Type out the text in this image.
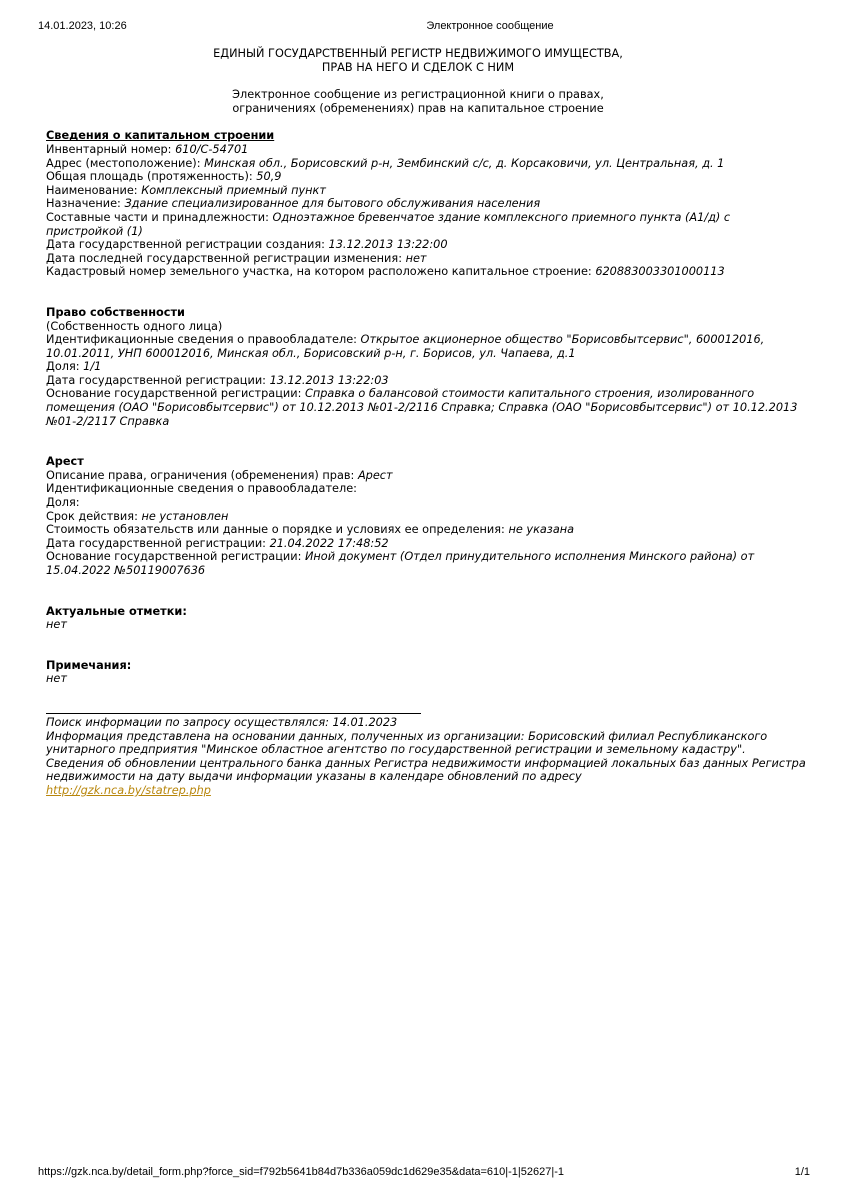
14.01.2023, 10:26	Электронное сообщение
ЕДИНЫЙ ГОСУДАРСТВЕННЫЙ РЕГИСТР НЕДВИЖИМОГО ИМУЩЕСТВА,
ПРАВ НА НЕГО И СДЕЛОК С НИМ
Электронное сообщение из регистрационной книги о правах,
ограничениях (обременениях) прав на капитальное строение
Сведения о капитальном строении
Инвентарный номер: 610/C-54701
Адрес (местоположение): Минская обл., Борисовский р-н, Зембинский с/с, д. Корсаковичи, ул. Центральная, д. 1
Общая площадь (протяженность): 50,9
Наименование: Комплексный приемный пункт
Назначение: Здание специализированное для бытового обслуживания населения
Составные части и принадлежности: Одноэтажное бревенчатое здание комплексного приемного пункта (А1/д) с пристройкой (1)
Дата государственной регистрации создания: 13.12.2013 13:22:00
Дата последней государственной регистрации изменения: нет
Кадастровый номер земельного участка, на котором расположено капитальное строение: 620883003301000113
Право собственности
(Собственность одного лица)
Идентификационные сведения о правообладателе: Открытое акционерное общество "Борисовбытсервис", 600012016, 10.01.2011, УНП 600012016, Минская обл., Борисовский р-н, г. Борисов, ул. Чапаева, д.1
Доля: 1/1
Дата государственной регистрации: 13.12.2013 13:22:03
Основание государственной регистрации: Справка о балансовой стоимости капитального строения, изолированного помещения (ОАО "Борисовбытсервис") от 10.12.2013 №01-2/2116 Справка; Справка (ОАО "Борисовбытсервис") от 10.12.2013 №01-2/2117 Справка
Арест
Описание права, ограничения (обременения) прав: Арест
Идентификационные сведения о правообладателе:
Доля:
Срок действия: не установлен
Стоимость обязательств или данные о порядке и условиях ее определения: не указана
Дата государственной регистрации: 21.04.2022 17:48:52
Основание государственной регистрации: Иной документ (Отдел принудительного исполнения Минского района) от 15.04.2022 №50119007636
Актуальные отметки:
нет
Примечания:
нет
Поиск информации по запросу осуществлялся: 14.01.2023
Информация представлена на основании данных, полученных из организации: Борисовский филиал Республиканского унитарного предприятия "Минское областное агентство по государственной регистрации и земельному кадастру".
Сведения об обновлении центрального банка данных Регистра недвижимости информацией локальных баз данных Регистра недвижимости на дату выдачи информации указаны в календаре обновлений по адресу
http://gzk.nca.by/statrep.php
https://gzk.nca.by/detail_form.php?force_sid=f792b5641b84d7b336a059dc1d629e35&data=610|-1|52627|-1	1/1
